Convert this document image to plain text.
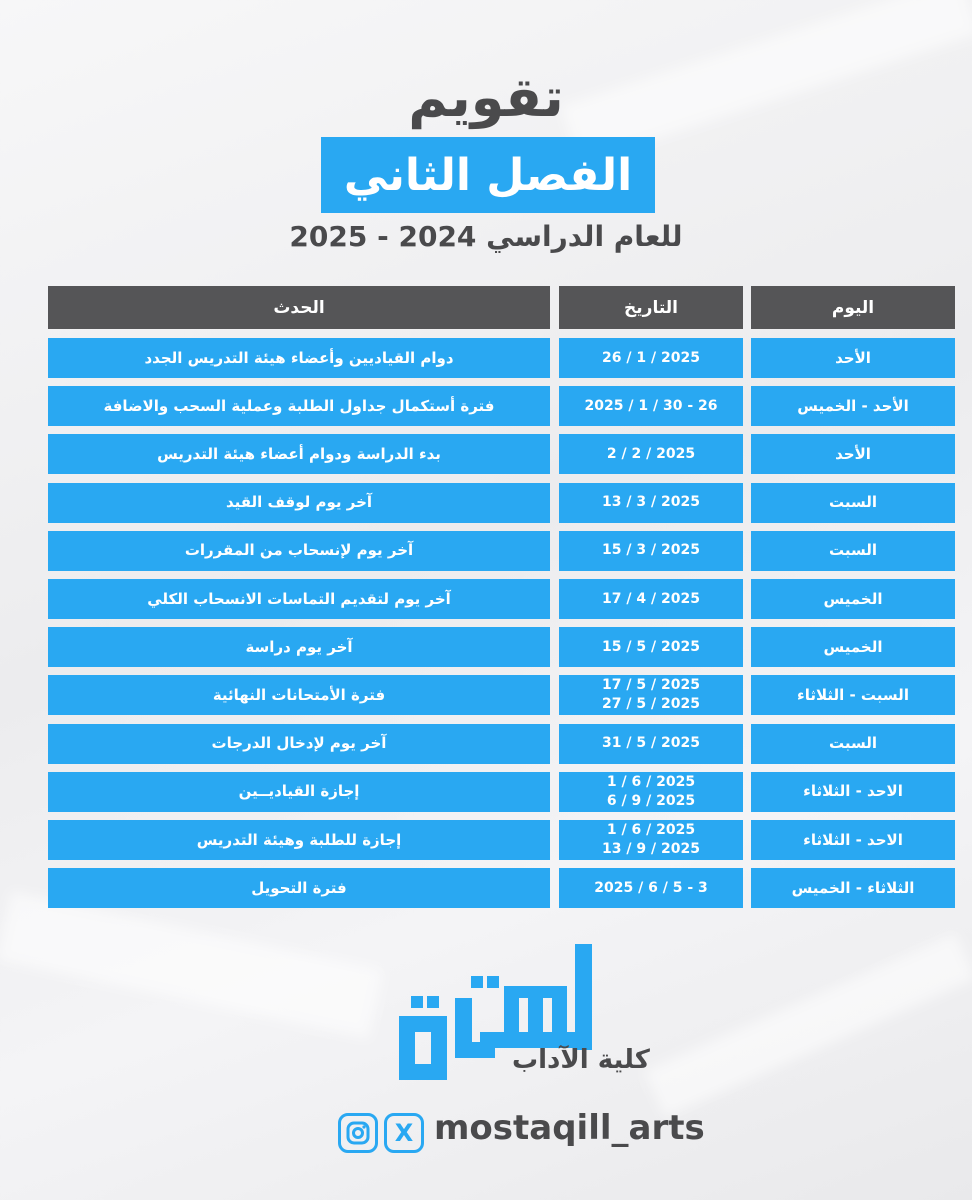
تقويم
الفصل الثاني
للعام الدراسي 2024 - 2025
اليوم
التاريخ
الحدث
الأحد
2025 / 1 / 26
دوام القياديين وأعضاء هيئة التدريس الجدد
الأحد - الخميس
26 - 30 / 1 / 2025
فترة أستكمال جداول الطلبة وعملية السحب والاضافة
الأحد
2025 / 2 / 2
بدء الدراسة ودوام أعضاء هيئة التدريس
السبت
2025 / 3 / 13
آخر يوم لوقف القيد
السبت
2025 / 3 / 15
آخر يوم لإنسحاب من المقررات
الخميس
2025 / 4 / 17
آخر يوم لتقديم التماسات الانسحاب الكلي
الخميس
2025 / 5 / 15
آخر يوم دراسة
السبت - الثلاثاء
2025 / 5 / 17
2025 / 5 / 27
فترة الأمتحانات النهائية
السبت
2025 / 5 / 31
آخر يوم لإدخال الدرجات
الاحد - الثلاثاء
2025 / 6 / 1
2025 / 9 / 6
إجازة القياديــين
الاحد - الثلاثاء
2025 / 6 / 1
2025 / 9 / 13
إجازة للطلبة وهيئة التدريس
الثلاثاء - الخميس
3 - 5 / 6 / 2025
فترة التحويل
مستقلة
كلية الآداب
X mostaqill_arts
